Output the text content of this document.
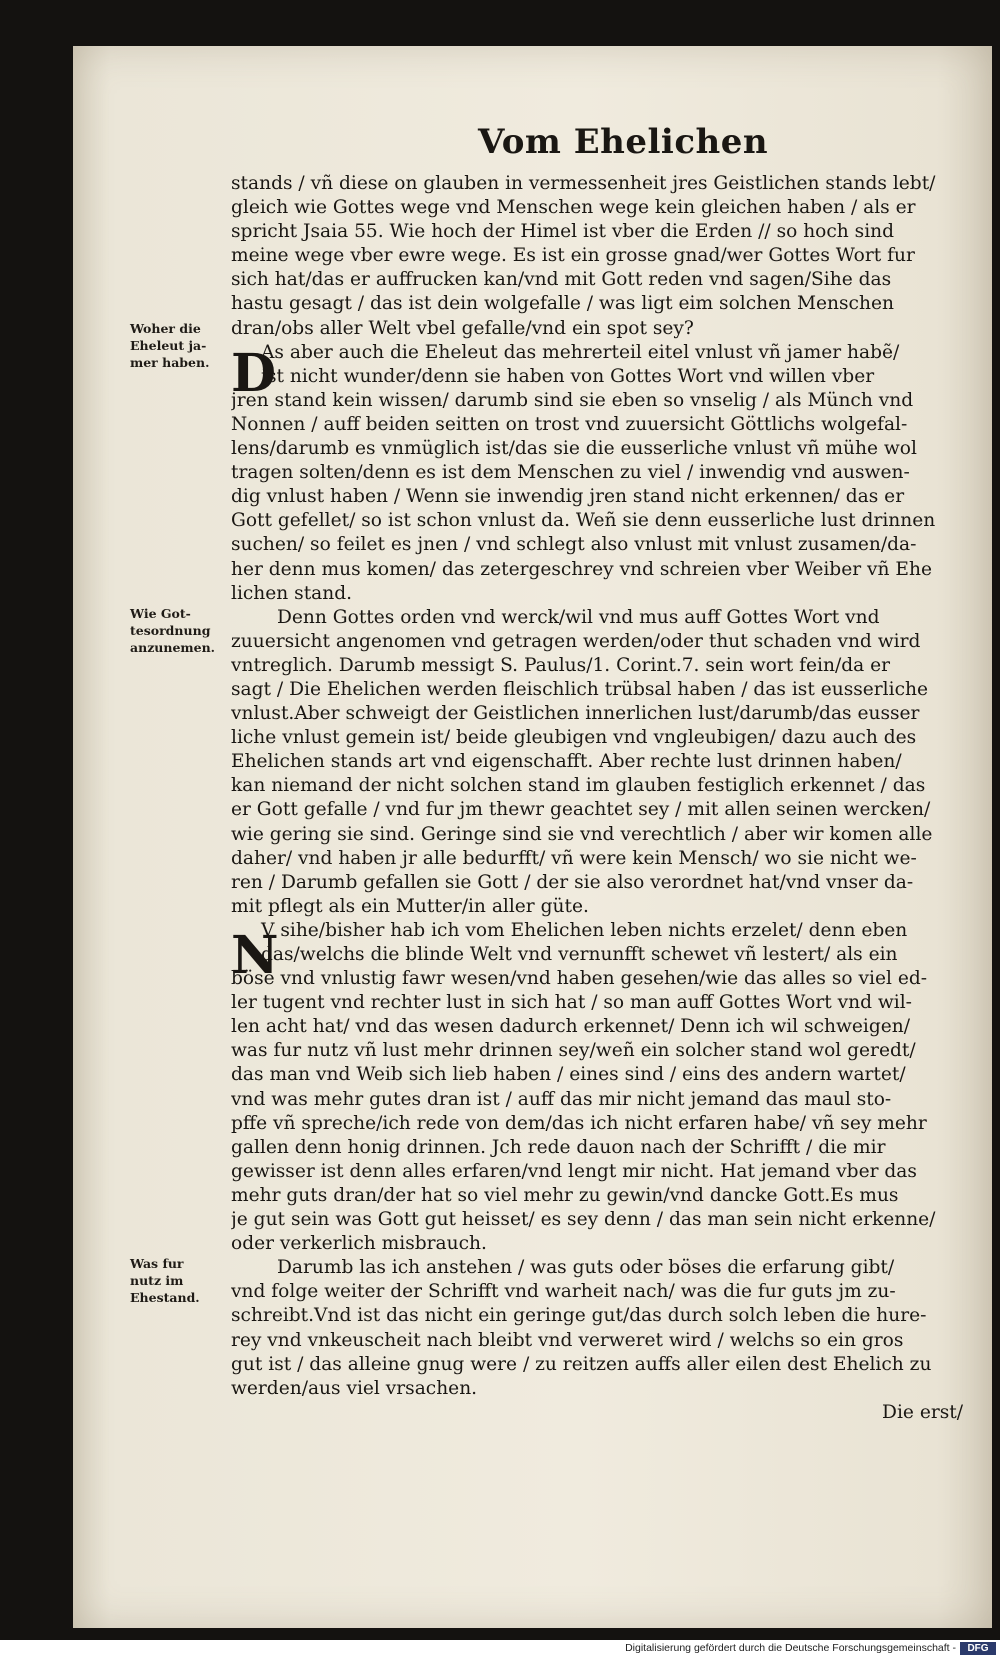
Vom Ehelichen
Woher die
Eheleut ja-
mer haben.
Wie Got-
tesordnung
anzunemen.
Was fur
nutz im
Ehestand.
D
N
stands / vñ diese on glauben in vermessenheit jres Geistlichen stands lebt/
gleich wie Gottes wege vnd Menschen wege kein gleichen haben / als er
spricht Jsaia 55. Wie hoch der Himel ist vber die Erden // so hoch sind
meine wege vber ewre wege. Es ist ein grosse gnad/wer Gottes Wort fur
sich hat/das er auffrucken kan/vnd mit Gott reden vnd sagen/Sihe das
hastu gesagt / das ist dein wolgefalle / was ligt eim solchen Menschen
dran/obs aller Welt vbel gefalle/vnd ein spot sey?
As aber auch die Eheleut das mehrerteil eitel vnlust vñ jamer habẽ/
ist nicht wunder/denn sie haben von Gottes Wort vnd willen vber
jren stand kein wissen/ darumb sind sie eben so vnselig / als Münch vnd
Nonnen / auff beiden seitten on trost vnd zuuersicht Göttlichs wolgefal-
lens/darumb es vnmüglich ist/das sie die eusserliche vnlust vñ mühe wol
tragen solten/denn es ist dem Menschen zu viel / inwendig vnd auswen-
dig vnlust haben / Wenn sie inwendig jren stand nicht erkennen/ das er
Gott gefellet/ so ist schon vnlust da. Weñ sie denn eusserliche lust drinnen
suchen/ so feilet es jnen / vnd schlegt also vnlust mit vnlust zusamen/da-
her denn mus komen/ das zetergeschrey vnd schreien vber Weiber vñ Ehe
lichen stand.
Denn Gottes orden vnd werck/wil vnd mus auff Gottes Wort vnd
zuuersicht angenomen vnd getragen werden/oder thut schaden vnd wird
vntreglich. Darumb messigt S. Paulus/1. Corint.7. sein wort fein/da er
sagt / Die Ehelichen werden fleischlich trübsal haben / das ist eusserliche
vnlust.Aber schweigt der Geistlichen innerlichen lust/darumb/das eusser
liche vnlust gemein ist/ beide gleubigen vnd vngleubigen/ dazu auch des
Ehelichen stands art vnd eigenschafft. Aber rechte lust drinnen haben/
kan niemand der nicht solchen stand im glauben festiglich erkennet / das
er Gott gefalle / vnd fur jm thewr geachtet sey / mit allen seinen wercken/
wie gering sie sind. Geringe sind sie vnd verechtlich / aber wir komen alle
daher/ vnd haben jr alle bedurfft/ vñ were kein Mensch/ wo sie nicht we-
ren / Darumb gefallen sie Gott / der sie also verordnet hat/vnd vnser da-
mit pflegt als ein Mutter/in aller güte.
V sihe/bisher hab ich vom Ehelichen leben nichts erzelet/ denn eben
das/welchs die blinde Welt vnd vernunfft schewet vñ lestert/ als ein
böse vnd vnlustig fawr wesen/vnd haben gesehen/wie das alles so viel ed-
ler tugent vnd rechter lust in sich hat / so man auff Gottes Wort vnd wil-
len acht hat/ vnd das wesen dadurch erkennet/ Denn ich wil schweigen/
was fur nutz vñ lust mehr drinnen sey/weñ ein solcher stand wol geredt/
das man vnd Weib sich lieb haben / eines sind / eins des andern wartet/
vnd was mehr gutes dran ist / auff das mir nicht jemand das maul sto-
pffe vñ spreche/ich rede von dem/das ich nicht erfaren habe/ vñ sey mehr
gallen denn honig drinnen. Jch rede dauon nach der Schrifft / die mir
gewisser ist denn alles erfaren/vnd lengt mir nicht. Hat jemand vber das
mehr guts dran/der hat so viel mehr zu gewin/vnd dancke Gott.Es mus
je gut sein was Gott gut heisset/ es sey denn / das man sein nicht erkenne/
oder verkerlich misbrauch.
Darumb las ich anstehen / was guts oder böses die erfarung gibt/
vnd folge weiter der Schrifft vnd warheit nach/ was die fur guts jm zu-
schreibt.Vnd ist das nicht ein geringe gut/das durch solch leben die hure-
rey vnd vnkeuscheit nach bleibt vnd verweret wird / welchs so ein gros
gut ist / das alleine gnug were / zu reitzen auffs aller eilen dest Ehelich zu
werden/aus viel vrsachen.
Die erst/
Digitalisierung gefördert durch die Deutsche Forschungsgemeinschaft -	DFG
